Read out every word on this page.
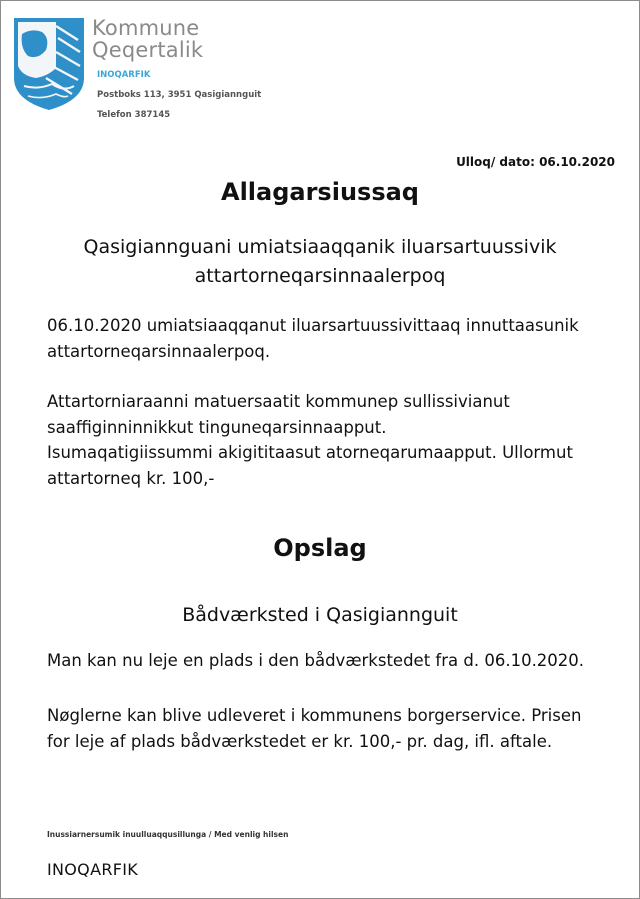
Kommune
Qeqertalik
INOQARFIK
Postboks 113, 3951 Qasigiannguit
Telefon 387145
Ulloq/ dato: 06.10.2020
Allagarsiussaq
Qasigiannguani umiatsiaaqqanik iluarsartuussivik
attartorneqarsinnaalerpoq
06.10.2020 umiatsiaaqqanut iluarsartuussivittaaq innuttaasunik
attartorneqarsinnaalerpoq.
Attartorniaraanni matuersaatit kommunep sullissivianut
saaffiginninnikkut tinguneqarsinnaapput.
Isumaqatigiissummi akigititaasut atorneqarumaapput. Ullormut
attartorneq kr. 100,-
Opslag
Bådværksted i Qasigiannguit
Man kan nu leje en plads i den bådværkstedet fra d. 06.10.2020.
Nøglerne kan blive udleveret i kommunens borgerservice. Prisen
for leje af plads bådværkstedet er kr. 100,- pr. dag, ifl. aftale.
Inussiarnersumik inuulluaqqusillunga / Med venlig hilsen
INOQARFIK
